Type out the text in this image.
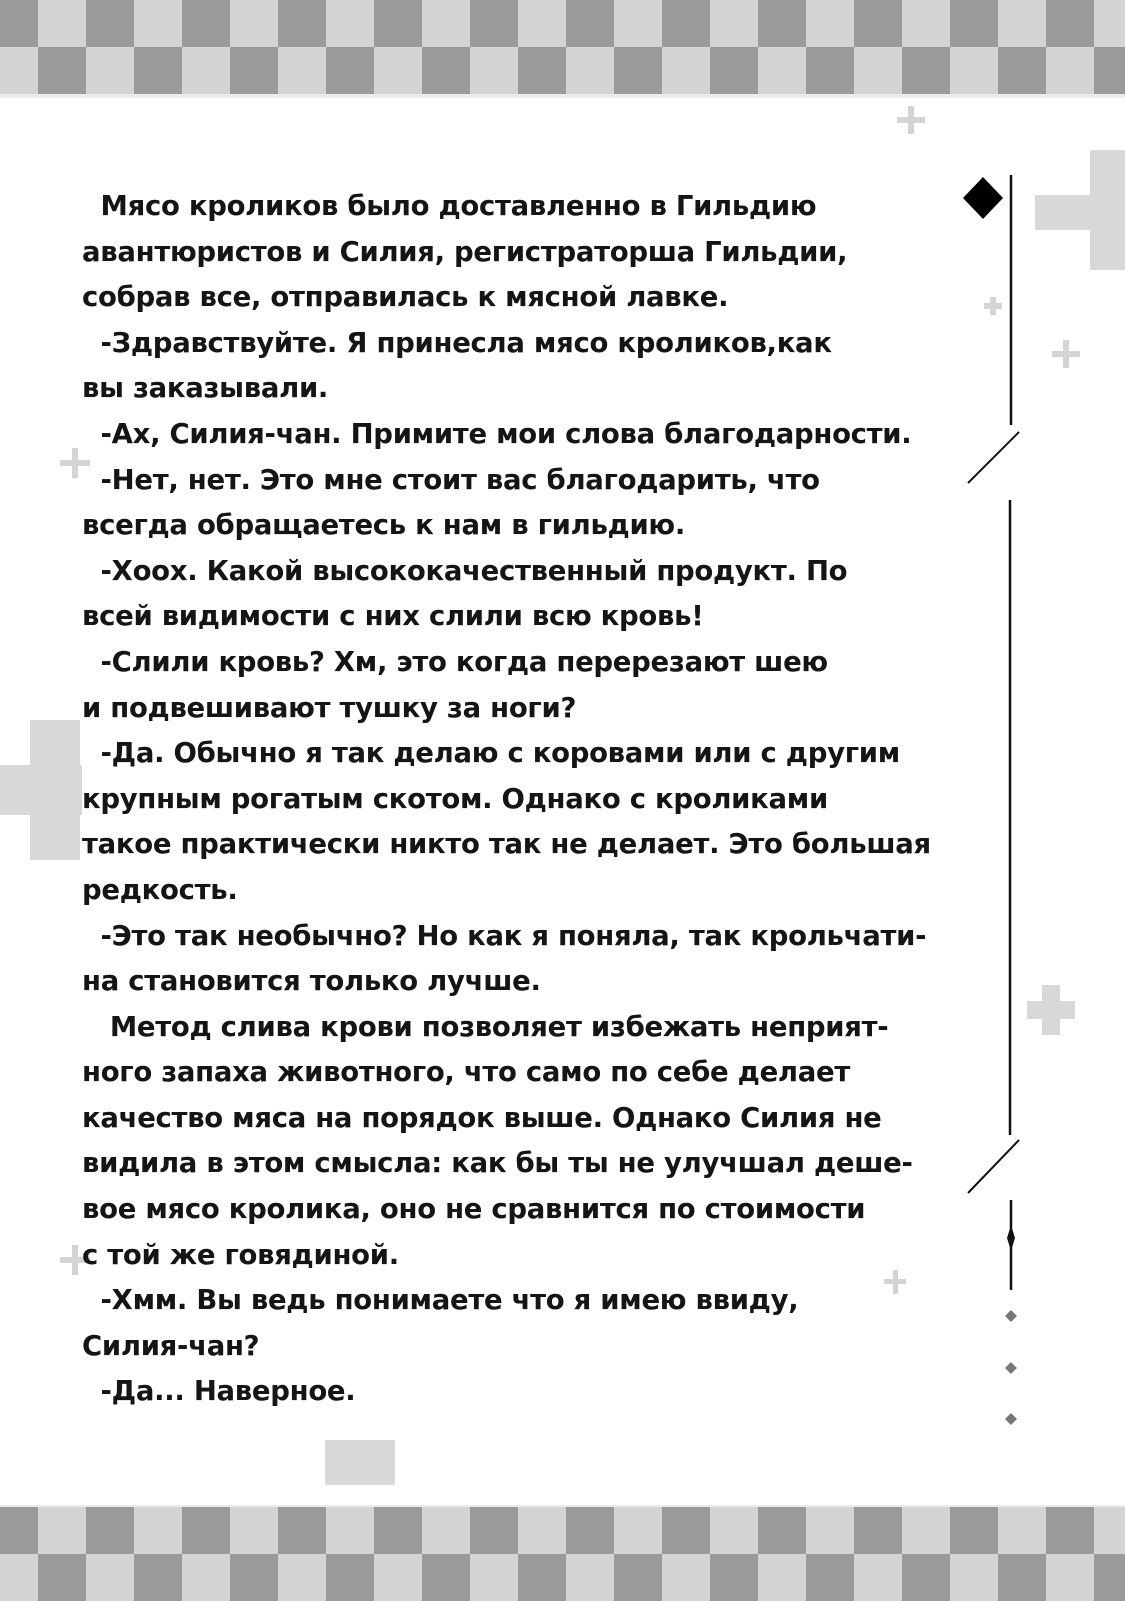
Мясо кроликов было доставленно в Гильдию
авантюристов и Силия, регистраторша Гильдии,
собрав все, отправилась к мясной лавке.
-Здравствуйте. Я принесла мясо кроликов,как
вы заказывали.
-Ах, Силия-чан. Примите мои слова благодарности.
-Нет, нет. Это мне стоит вас благодарить, что
всегда обращаетесь к нам в гильдию.
-Хоох. Какой высококачественный продукт. По
всей видимости с них слили всю кровь!
-Слили кровь? Хм, это когда перерезают шею
и подвешивают тушку за ноги?
-Да. Обычно я так делаю с коровами или с другим
крупным рогатым скотом. Однако с кроликами
такое практически никто так не делает. Это большая
редкость.
-Это так необычно? Но как я поняла, так крольчати-
на становится только лучше.
Метод слива крови позволяет избежать неприят-
ного запаха животного, что само по себе делает
качество мяса на порядок выше. Однако Силия не
видила в этом смысла: как бы ты не улучшал деше-
вое мясо кролика, оно не сравнится по стоимости
с той же говядиной.
-Хмм. Вы ведь понимаете что я имею ввиду,
Силия-чан?
-Да... Наверное.
